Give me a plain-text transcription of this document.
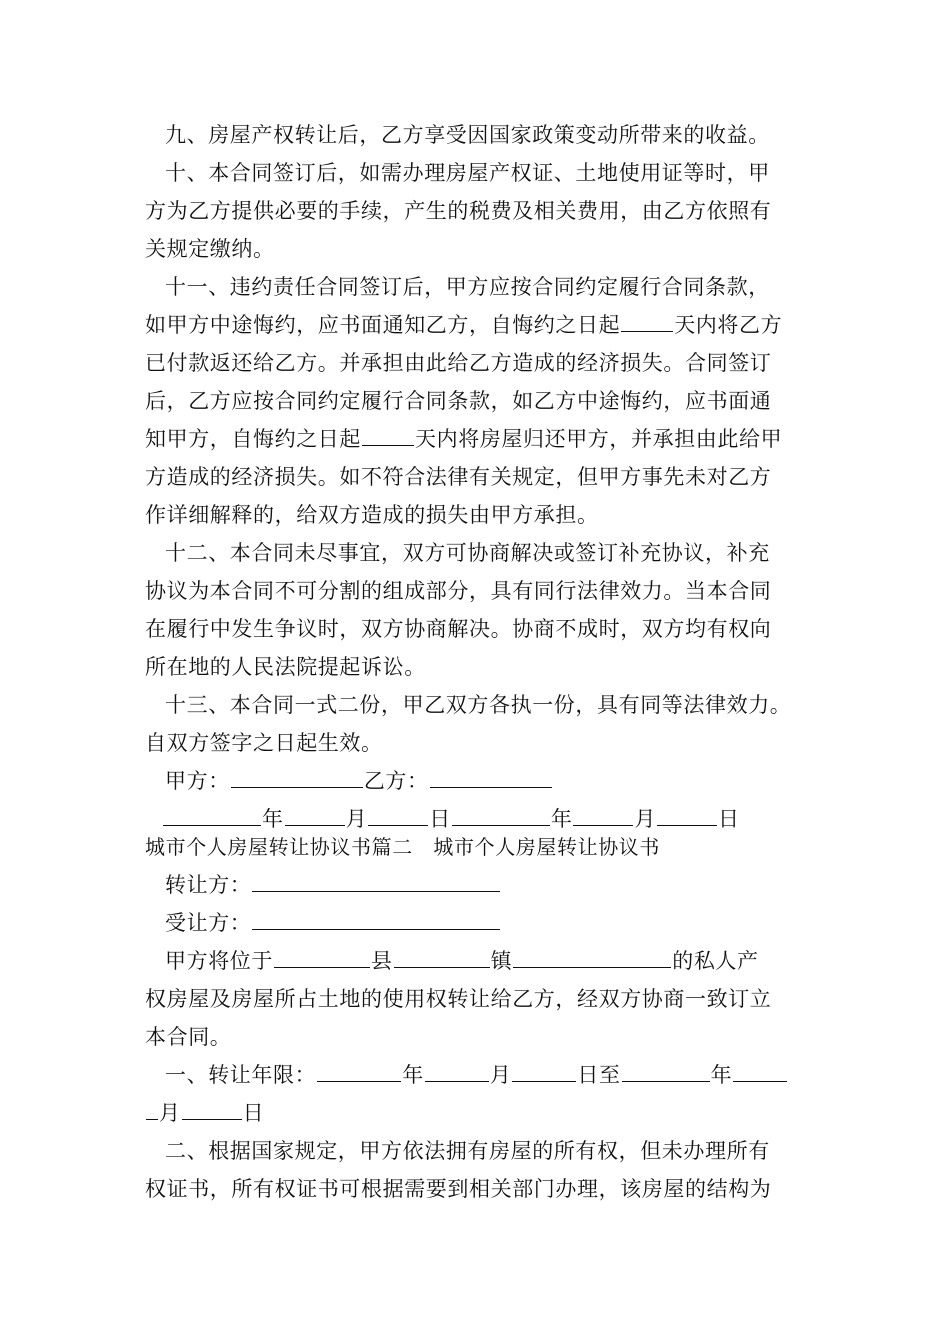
九、房屋产权转让后，乙方享受因国家政策变动所带来的收益。
十、本合同签订后，如需办理房屋产权证、土地使用证等时，甲
方为乙方提供必要的手续，产生的税费及相关费用，由乙方依照有
关规定缴纳。
十一、违约责任合同签订后，甲方应按合同约定履行合同条款，
如甲方中途悔约，应书面通知乙方，自悔约之日起	天内将乙方
已付款返还给乙方。并承担由此给乙方造成的经济损失。合同签订
后，乙方应按合同约定履行合同条款，如乙方中途悔约，应书面通
知甲方，自悔约之日起	天内将房屋归还甲方，并承担由此给甲
方造成的经济损失。如不符合法律有关规定，但甲方事先未对乙方
作详细解释的，给双方造成的损失由甲方承担。
十二、本合同未尽事宜，双方可协商解决或签订补充协议，补充
协议为本合同不可分割的组成部分，具有同行法律效力。当本合同
在履行中发生争议时，双方协商解决。协商不成时，双方均有权向
所在地的人民法院提起诉讼。
十三、本合同一式二份，甲乙双方各执一份，具有同等法律效力。
自双方签字之日起生效。
甲方：	乙方：
年	月	日	年	月	日
城市个人房屋转让协议书篇二　城市个人房屋转让协议书
转让方：
受让方：
甲方将位于	县	镇	的私人产
权房屋及房屋所占土地的使用权转让给乙方，经双方协商一致订立
本合同。
一、转让年限：	年	月	日至	年
月	日
二、根据国家规定，甲方依法拥有房屋的所有权，但未办理所有
权证书，所有权证书可根据需要到相关部门办理，该房屋的结构为
